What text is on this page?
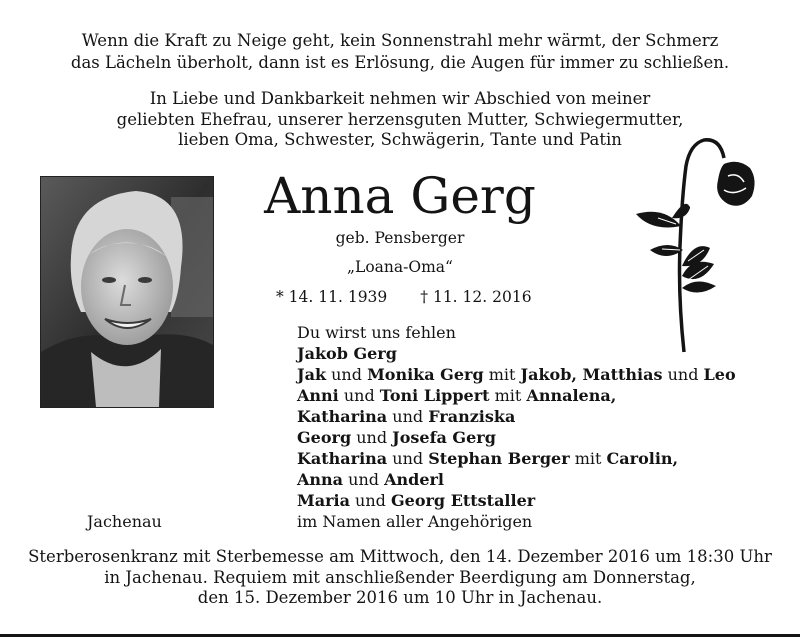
Wenn die Kraft zu Neige geht, kein Sonnenstrahl mehr wärmt, der Schmerz
das Lächeln überholt, dann ist es Erlösung, die Augen für immer zu schließen.
In Liebe und Dankbarkeit nehmen wir Abschied von meiner
geliebten Ehefrau, unserer herzensguten Mutter, Schwiegermutter,
lieben Oma, Schwester, Schwägerin, Tante und Patin
Anna Gerg
geb. Pensberger
„Loana-Oma“
* 14. 11. 1939 † 11. 12. 2016
Du wirst uns fehlen
Jakob Gerg
Jak und Monika Gerg mit Jakob, Matthias und Leo
Anni und Toni Lippert mit Annalena,
Katharina und Franziska
Georg und Josefa Gerg
Katharina und Stephan Berger mit Carolin,
Anna und Anderl
Maria und Georg Ettstaller
im Namen aller Angehörigen
Jachenau
Sterberosenkranz mit Sterbemesse am Mittwoch, den 14. Dezember 2016 um 18:30 Uhr
in Jachenau. Requiem mit anschließender Beerdigung am Donnerstag,
den 15. Dezember 2016 um 10 Uhr in Jachenau.
